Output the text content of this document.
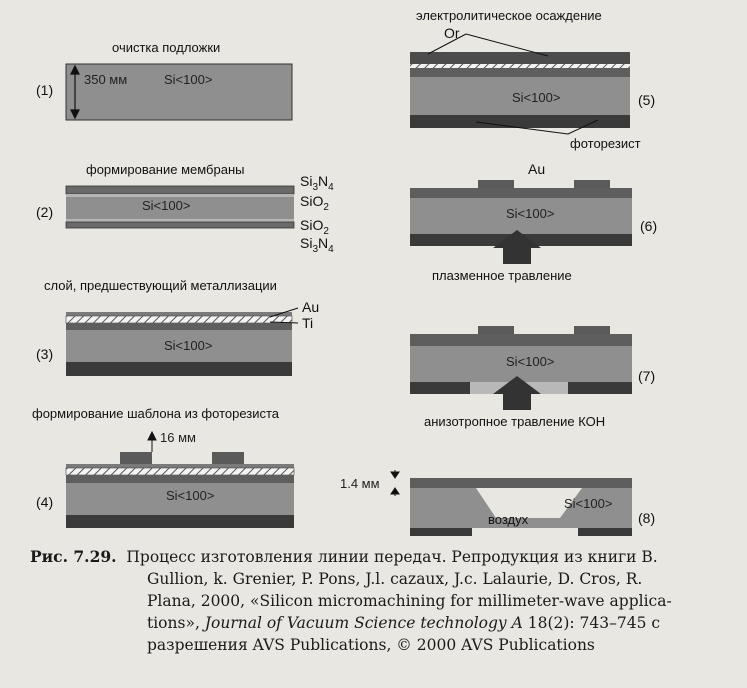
очистка подложки
(1)
350 мм	Si<100>
формирование мембраны
(2)	Si<100>
$Si_3N_4$
SiO$_2$
SiO$_2$
$Si_3N_4$
слой, предшествующий металлизации
Au
Ti
(3)
Si<100>
формирование шаблона из фоторезиста
16 мм
(4)	Si<100>
электролитическое осаждение
Or
Si<100>	(5)
фоторезист
Au
Si<100>
(6)
плазменное травление
Si<100>
(7)
анизотропное травление КОН
1.4 мм
воздух
Si<100>
(8)
Рис. 7.29. Процесс изготовления линии передач. Репродукция из книги B.
Gullion, k. Grenier, P. Pons, J.l. cazaux, J.c. Lalaurie, D. Cros, R.
Plana, 2000, «Silicon micromachining for millimeter-wave applica-
tions», Journal of Vacuum Science technology A 18(2): 743–745 с
разрешения AVS Publications, © 2000 AVS Publications
